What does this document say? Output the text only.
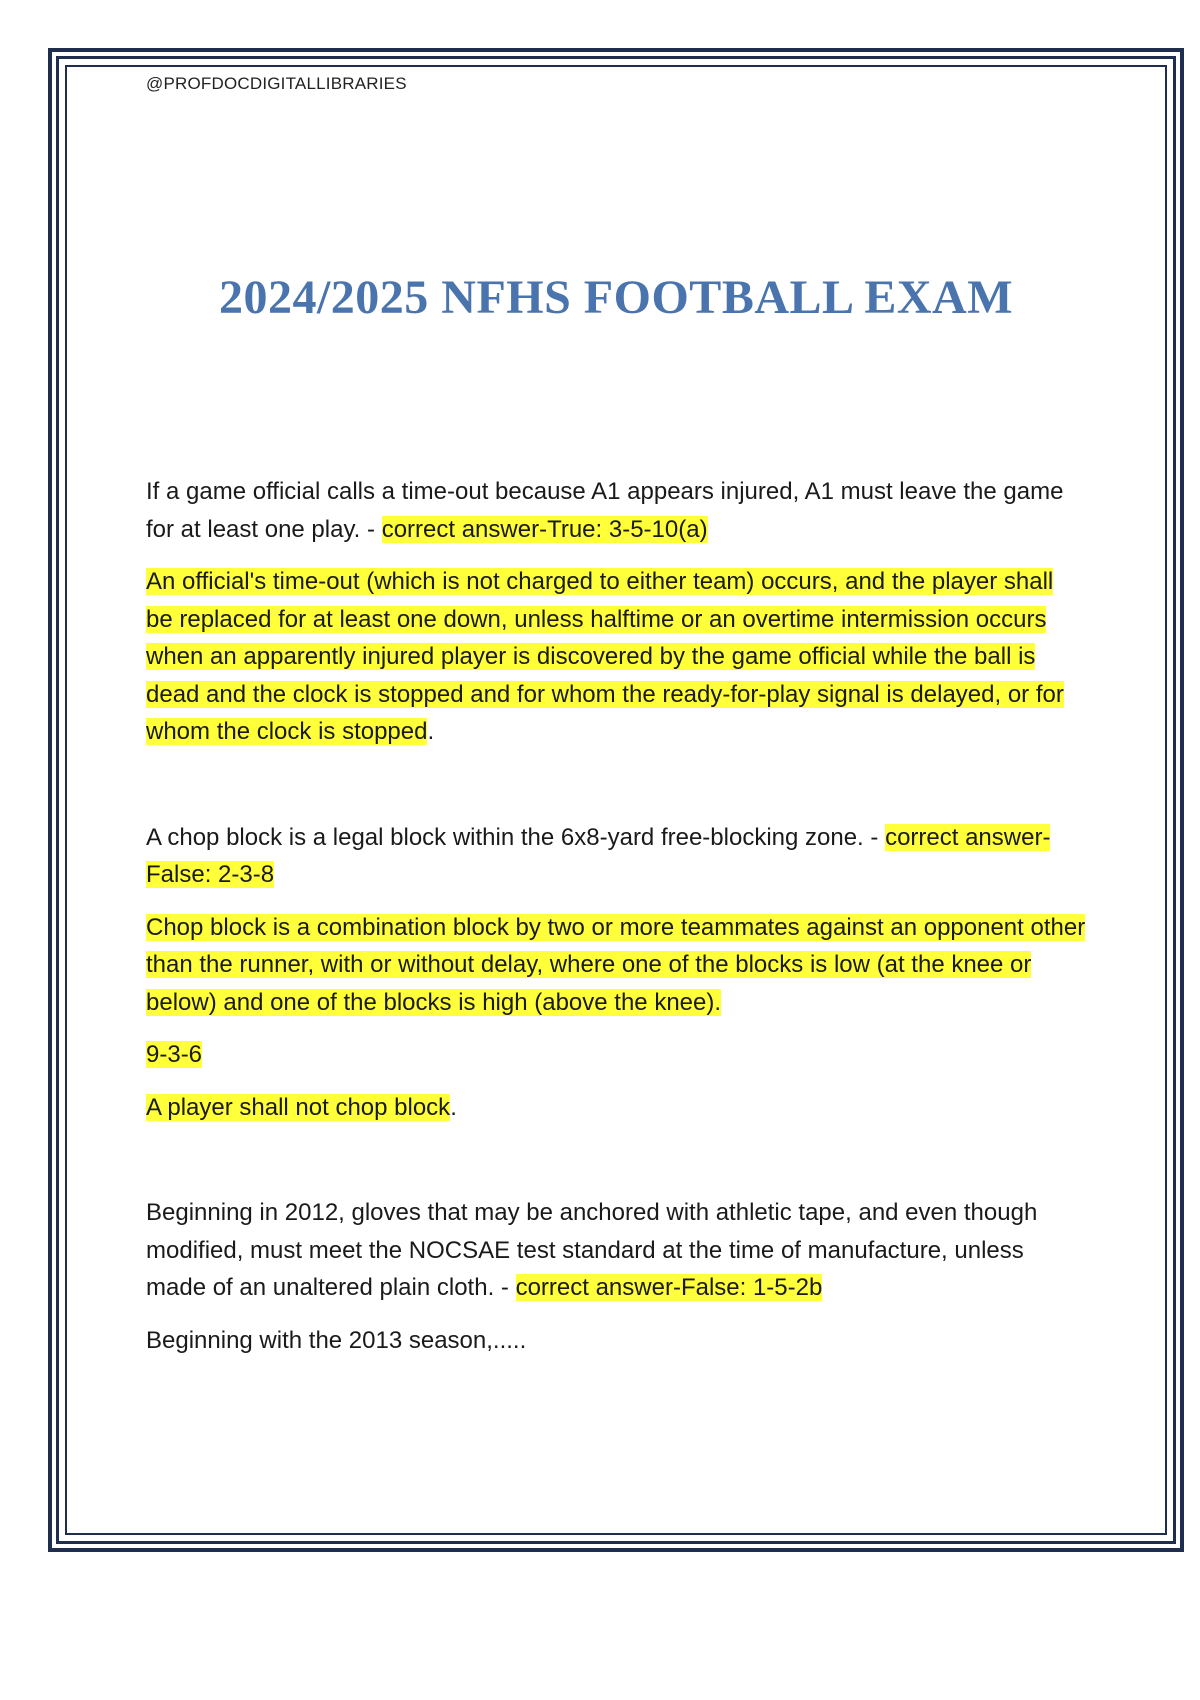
@PROFDOCDIGITALLIBRARIES
2024/2025 NFHS FOOTBALL EXAM

If a game official calls a time-out because A1 appears injured, A1 must leave the game for at least one play. - correct answer-True: 3-5-10(a)

An official's time-out (which is not charged to either team) occurs, and the player shall be replaced for at least one down, unless halftime or an overtime intermission occurs when an apparently injured player is discovered by the game official while the ball is dead and the clock is stopped and for whom the ready-for-play signal is delayed, or for whom the clock is stopped.

A chop block is a legal block within the 6x8-yard free-blocking zone. - correct answer-False: 2-3-8

Chop block is a combination block by two or more teammates against an opponent other than the runner, with or without delay, where one of the blocks is low (at the knee or below) and one of the blocks is high (above the knee).

9-3-6

A player shall not chop block.

Beginning in 2012, gloves that may be anchored with athletic tape, and even though modified, must meet the NOCSAE test standard at the time of manufacture, unless made of an unaltered plain cloth. - correct answer-False: 1-5-2b

Beginning with the 2013 season,.....
